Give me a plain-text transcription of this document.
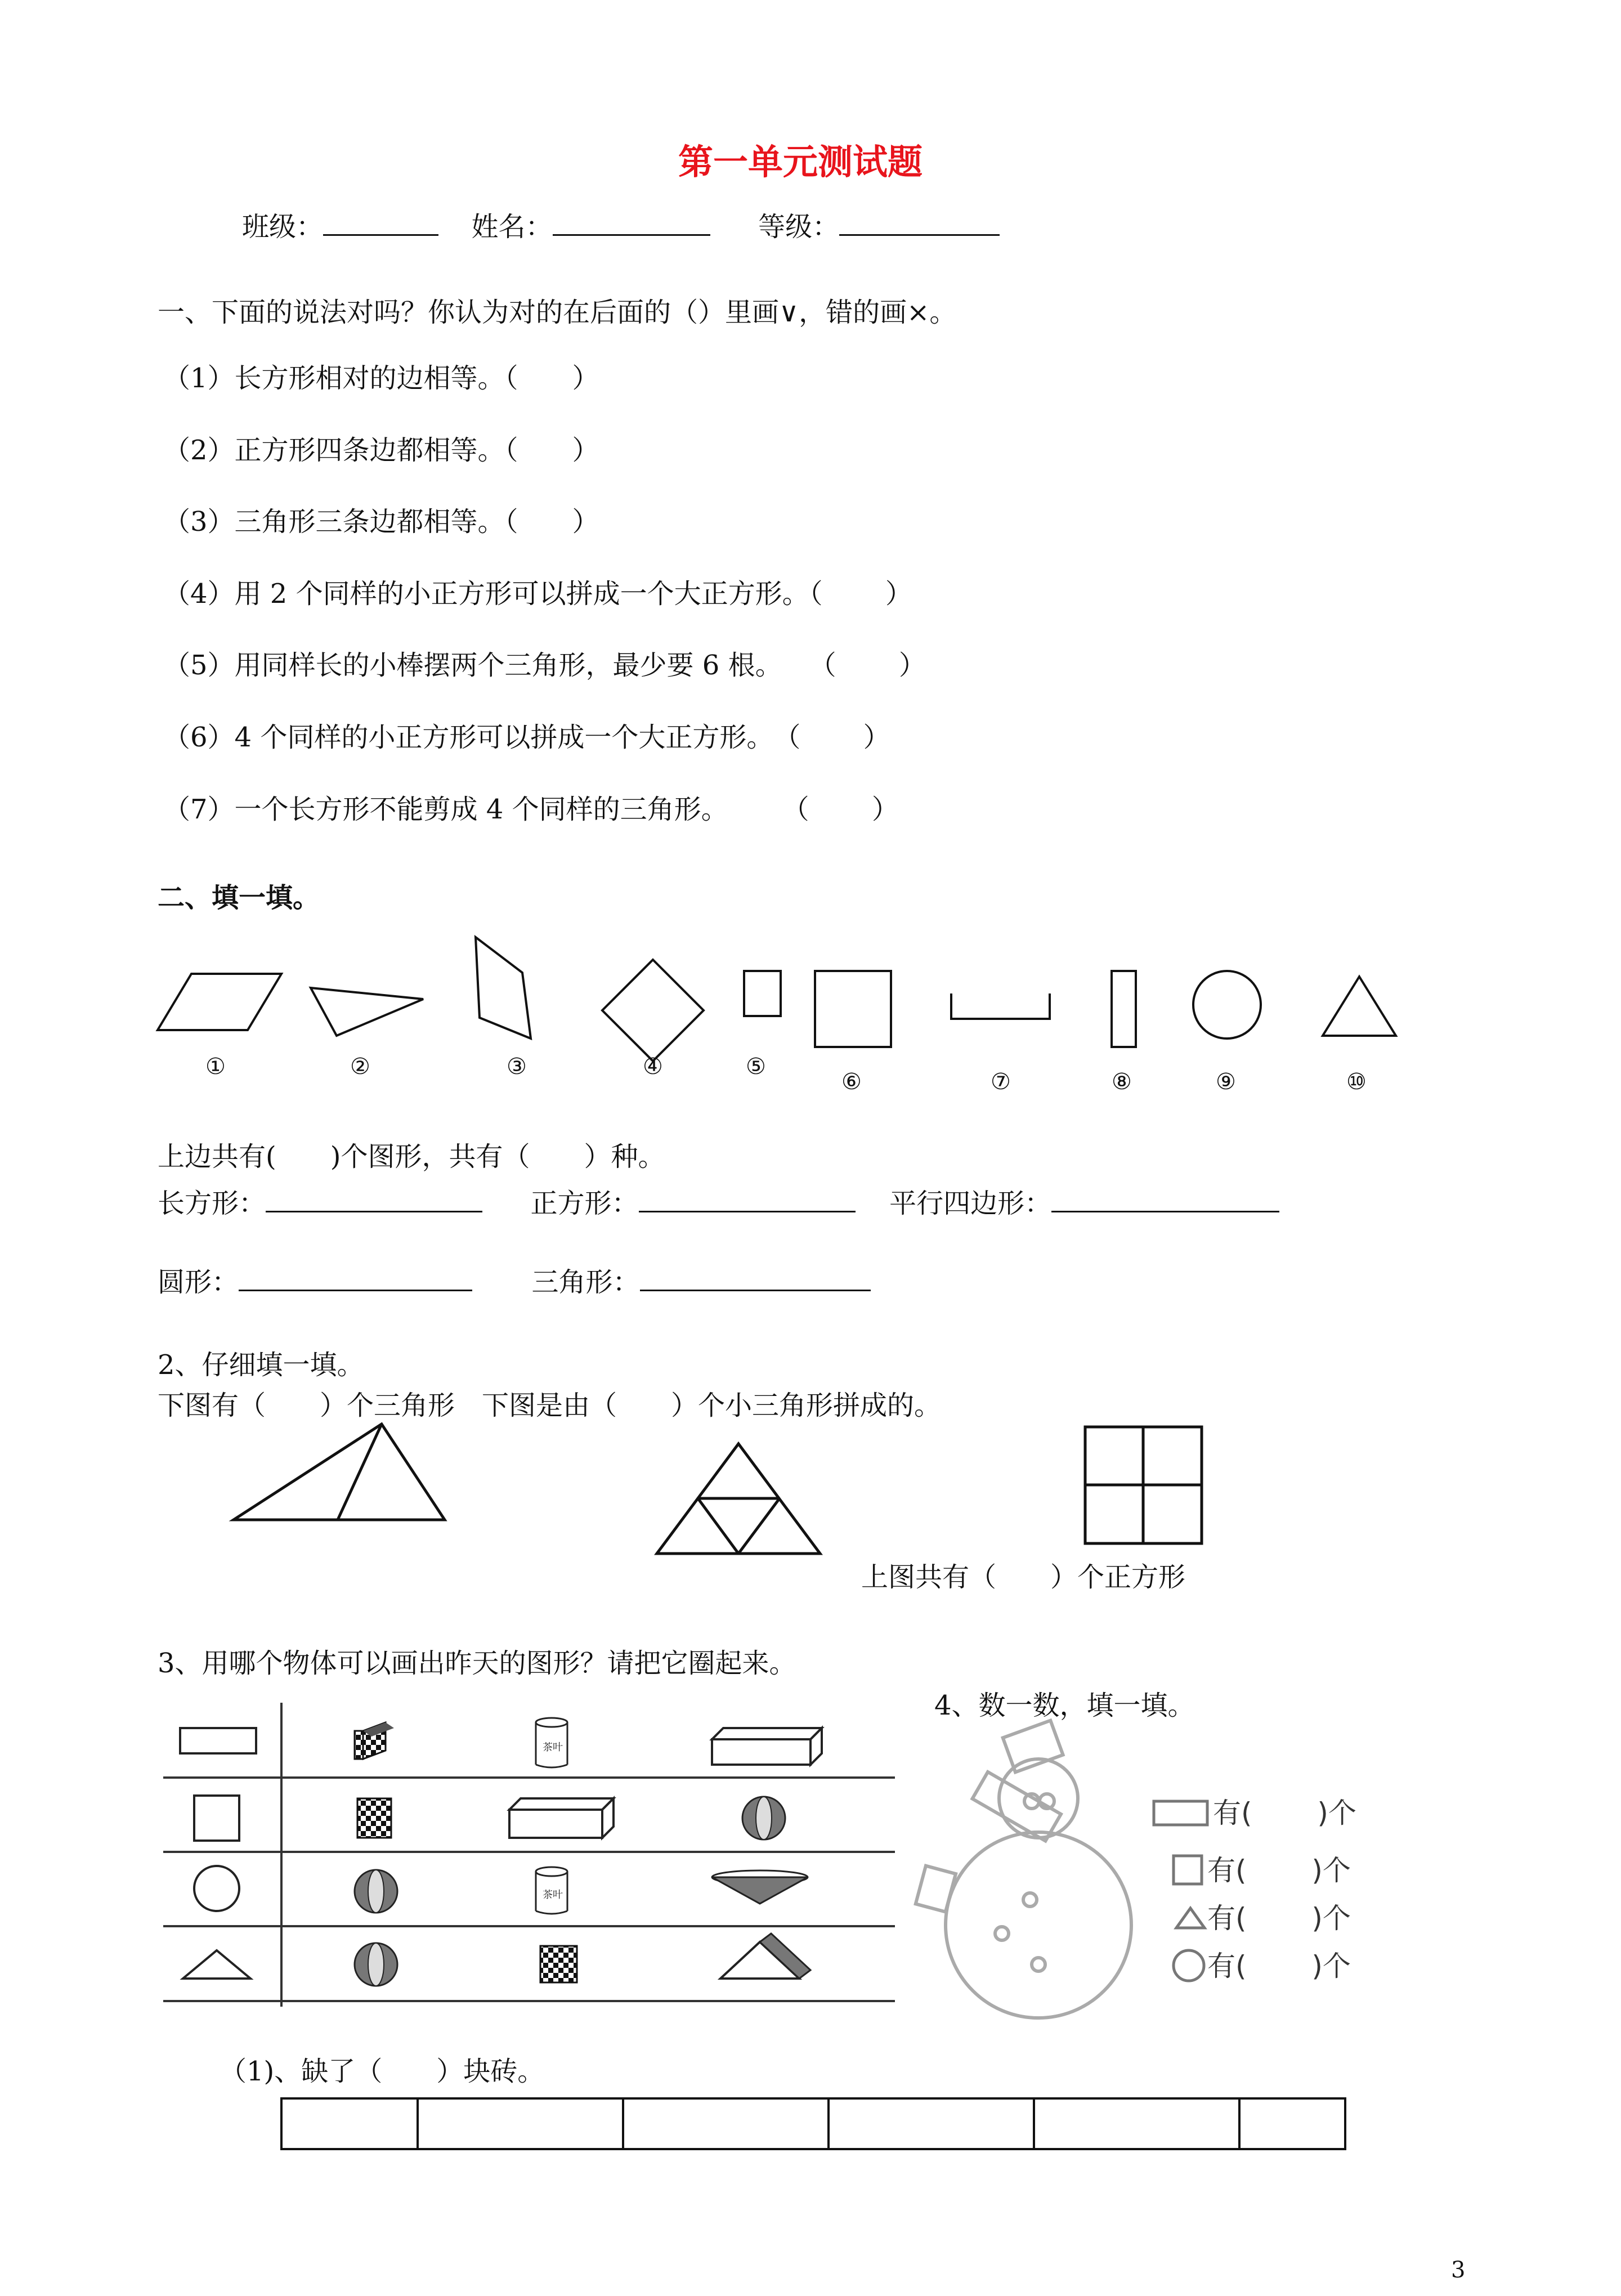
第一单元测试题
班级：	姓名：	等级：
一、下面的说法对吗？你认为对的在后面的（）里画∨，错的画×。
（1）长方形相对的边相等。（　　）
（2）正方形四条边都相等。（　　）
（3）三角形三条边都相等。（　　）
（4）用 2 个同样的小正方形可以拼成一个大正方形。（　　 ）
（5）用同样长的小棒摆两个三角形，最少要 6 根。　　（　　 ）
（6）4 个同样的小正方形可以拼成一个大正方形。　（　　 ）
（7）一个长方形不能剪成 4 个同样的三角形。　　　（　　 ）
二、填一填。
①	②	③	④	⑤
⑥	⑦	⑧	⑨	⑩
上边共有(　　)个图形，共有（　　）种。
长方形：	正方形：	平行四边形：
圆形：	三角形：
2、仔细填一填。
下图有（　　）个三角形　下图是由（　　）个小三角形拼成的。
上图共有（　　）个正方形
3、用哪个物体可以画出昨天的图形？请把它圈起来。
茶叶
茶叶
4、数一数，填一填。
有(　　 )个
有(　　 )个
有(　　 )个
有(　　 )个
（1)、缺了（　　）块砖。
3
